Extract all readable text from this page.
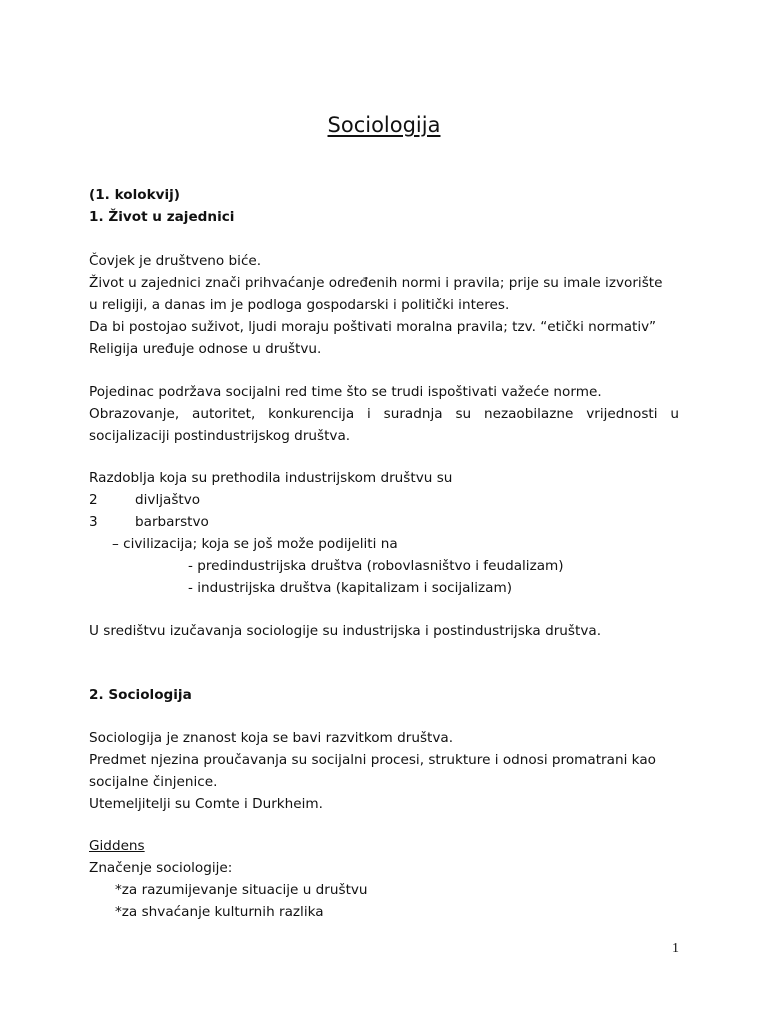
Sociologija
(1. kolokvij)
1. Život u zajednici
Čovjek je društveno biće.
Život u zajednici znači prihvaćanje određenih normi i pravila; prije su imale izvorište
u religiji, a danas im je podloga gospodarski i politički interes.
Da bi postojao suživot, ljudi moraju poštivati moralna pravila; tzv. “etički normativ”
Religija uređuje odnose u društvu.
Pojedinac podržava socijalni red time što se trudi ispoštivati važeće norme.
Obrazovanje, autoritet, konkurencija i suradnja su nezaobilazne vrijednosti u
socijalizaciji postindustrijskog društva.
Razdoblja koja su prethodila industrijskom društvu su
2	divljaštvo
3	barbarstvo
– civilizacija; koja se još može podijeliti na
- predindustrijska društva (robovlasništvo i feudalizam)
- industrijska društva (kapitalizam i socijalizam)
U središtvu izučavanja sociologije su industrijska i postindustrijska društva.
2. Sociologija
Sociologija je znanost koja se bavi razvitkom društva.
Predmet njezina proučavanja su socijalni procesi, strukture i odnosi promatrani kao
socijalne činjenice.
Utemeljitelji su Comte i Durkheim.
Giddens
Značenje sociologije:
*za razumijevanje situacije u društvu
*za shvaćanje kulturnih razlika
1
